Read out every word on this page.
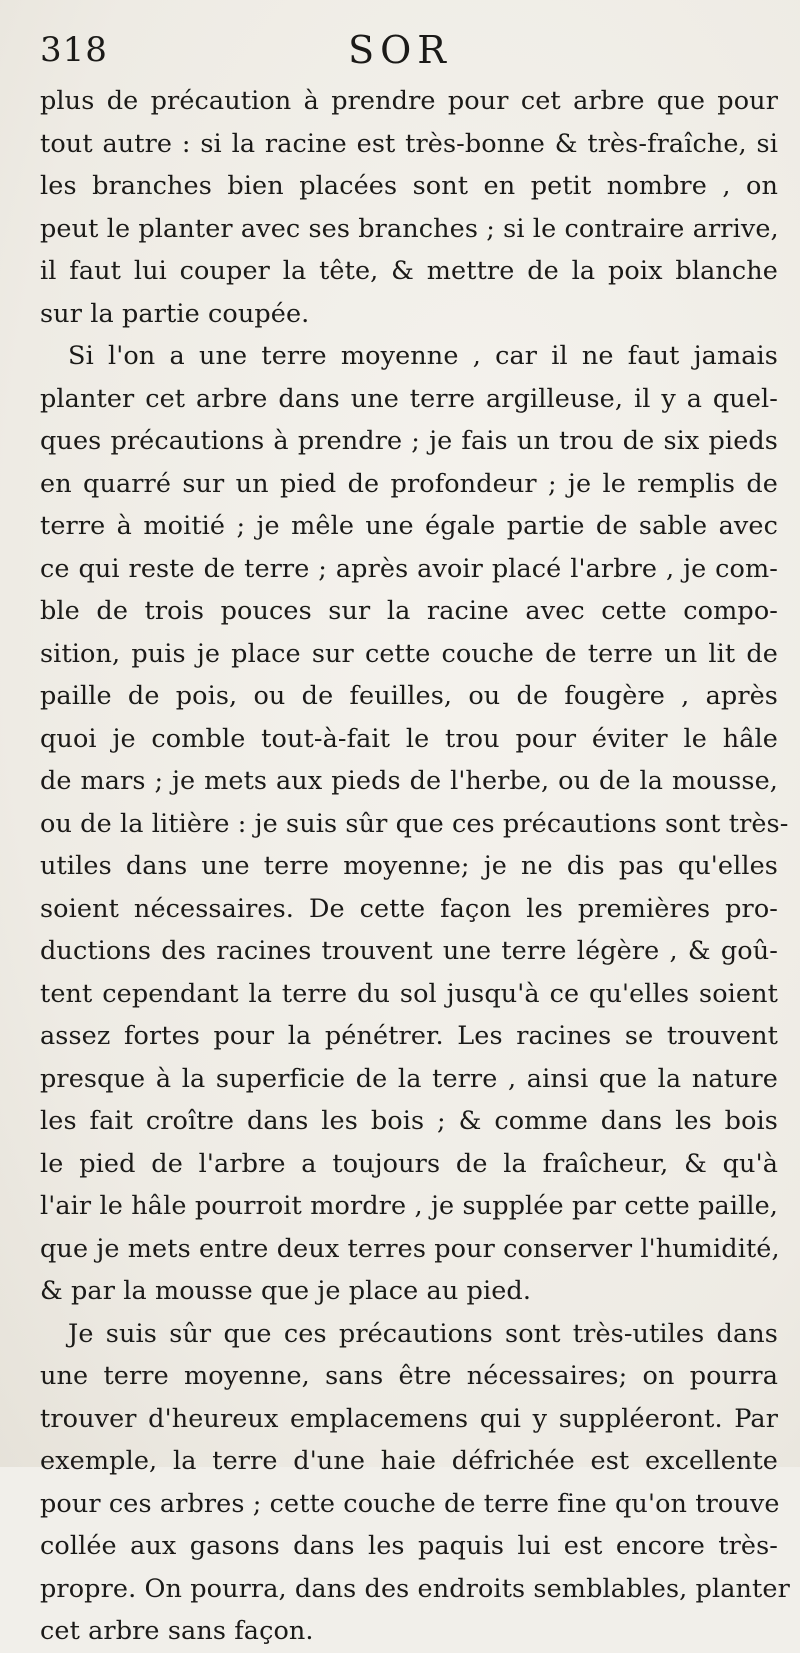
318	SOR
plus de précaution à prendre pour cet arbre que pour
tout autre : si la racine est très-bonne & très-fraîche, si
les branches bien placées sont en petit nombre , on
peut le planter avec ses branches ; si le contraire arrive,
il faut lui couper la tête, & mettre de la poix blanche
sur la partie coupée.
Si l'on a une terre moyenne , car il ne faut jamais
planter cet arbre dans une terre argilleuse, il y a quel-
ques précautions à prendre ; je fais un trou de six pieds
en quarré sur un pied de profondeur ; je le remplis de
terre à moitié ; je mêle une égale partie de sable avec
ce qui reste de terre ; après avoir placé l'arbre , je com-
ble de trois pouces sur la racine avec cette compo-
sition, puis je place sur cette couche de terre un lit de
paille de pois, ou de feuilles, ou de fougère , après
quoi je comble tout-à-fait le trou pour éviter le hâle
de mars ; je mets aux pieds de l'herbe, ou de la mousse,
ou de la litière : je suis sûr que ces précautions sont très-
utiles dans une terre moyenne; je ne dis pas qu'elles
soient nécessaires. De cette façon les premières pro-
ductions des racines trouvent une terre légère , & goû-
tent cependant la terre du sol jusqu'à ce qu'elles soient
assez fortes pour la pénétrer. Les racines se trouvent
presque à la superficie de la terre , ainsi que la nature
les fait croître dans les bois ; & comme dans les bois
le pied de l'arbre a toujours de la fraîcheur, & qu'à
l'air le hâle pourroit mordre , je supplée par cette paille,
que je mets entre deux terres pour conserver l'humidité,
& par la mousse que je place au pied.
Je suis sûr que ces précautions sont très-utiles dans
une terre moyenne, sans être nécessaires; on pourra
trouver d'heureux emplacemens qui y suppléeront. Par
exemple, la terre d'une haie défrichée est excellente
pour ces arbres ; cette couche de terre fine qu'on trouve
collée aux gasons dans les paquis lui est encore très-
propre. On pourra, dans des endroits semblables, planter
cet arbre sans façon.
